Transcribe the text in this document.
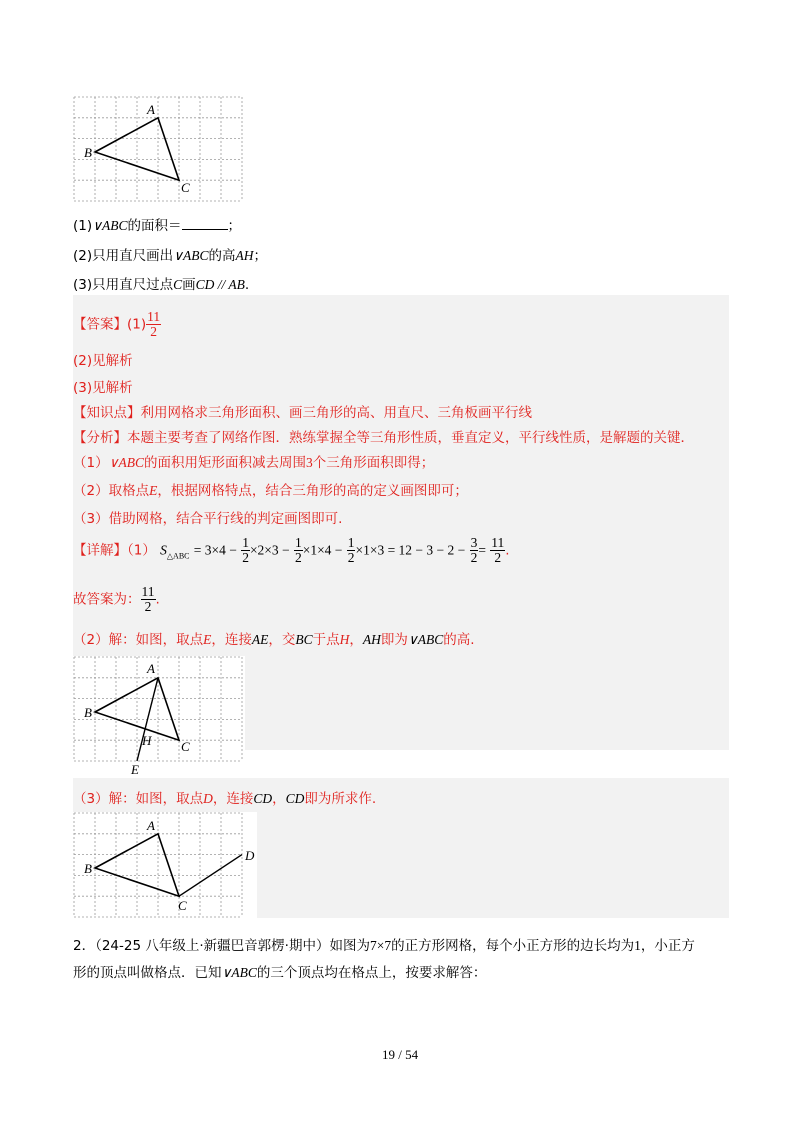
A
B
C
(1)∨ABC的面积＝	；
(2)只用直尺画出∨ABC的高AH；
(3)只用直尺过点C画CD // AB.
【答案】$(1) \frac{11}{2}$
(2)见解析
(3)见解析
【知识点】利用网格求三角形面积、画三角形的高、用直尺、三角板画平行线
【分析】本题主要考查了网络作图．熟练掌握全等三角形性质，垂直定义，平行线性质，是解题的关键．
（1）∨ABC的面积用矩形面积减去周围3个三角形面积即得；
（2）取格点E，根据网格特点，结合三角形的高的定义画图即可；
（3）借助网格，结合平行线的判定画图即可.
【详解】（1） $S_{\triangle ABC} = 3\times 4 - \frac{1}{2} \times 2\times 3 - \frac{1}{2} \times 1\times 4 - \frac{1}{2} \times 1\times 3 = 12 - 3 - 2 - \frac{3}{2} = \frac{11}{2}$ .
故答案为： $\frac{11}{2}$ .
（2）解：如图，取点E，连接AE，交BC于点H，AH即为∨ABC的高.
A
B
C
H
E
（3）解：如图，取点D，连接CD，CD即为所求作.
A
B
C
D
2．（24-25 八年级上·新疆巴音郭楞·期中）如图为7×7的正方形网格，每个小正方形的边长均为1，小正方
形的顶点叫做格点．已知∨ABC的三个顶点均在格点上，按要求解答：
19 / 54
